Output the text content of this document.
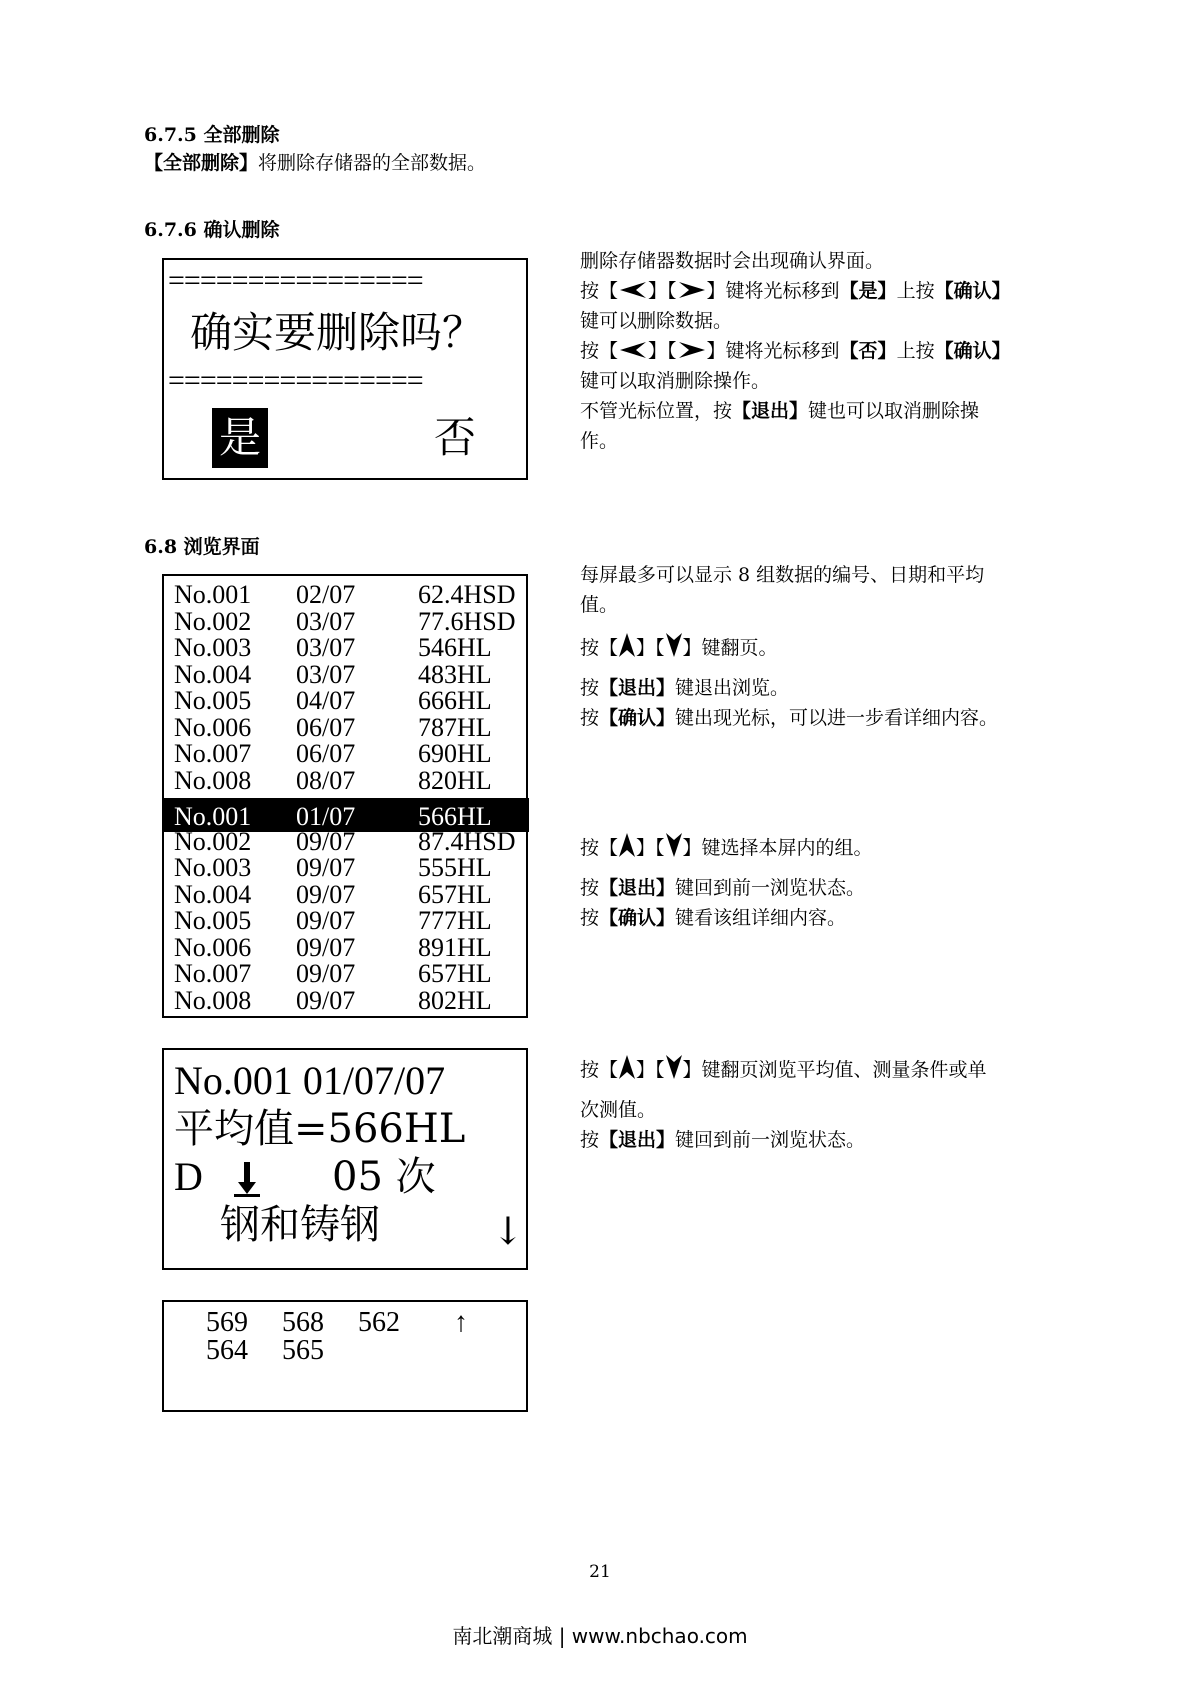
6.7.5 全部删除
【全部删除】将删除存储器的全部数据。
6.7.6 确认删除
================
确实要删除吗？
================
是	否
删除存储器数据时会出现确认界面。
按【 】【 】键将光标移到【是】上按【确认】
键可以删除数据。
按【 】【 】键将光标移到【否】上按【确认】
键可以取消删除操作。
不管光标位置，按【退出】键也可以取消删除操
作。
6.8 浏览界面
No.001 02/07 62.4HSD
No.002 03/07 77.6HSD
No.003 03/07 546HL
No.004 03/07 483HL
No.005 04/07 666HL
No.006 06/07 787HL
No.007 06/07 690HL
No.008 08/07 820HL
No.001 01/07 566HL
No.002 09/07 87.4HSD
No.003 09/07 555HL
No.004 09/07 657HL
No.005 09/07 777HL
No.006 09/07 891HL
No.007 09/07 657HL
No.008 09/07 802HL
每屏最多可以显示 8 组数据的编号、日期和平均
值。
按【 】【 】键翻页。
按【退出】键退出浏览。
按【确认】键出现光标，可以进一步看详细内容。
按【 】【 】键选择本屏内的组。
按【退出】键回到前一浏览状态。
按【确认】键看该组详细内容。
No.001 01/07/07
平均值=566HL
D	05 次
钢和铸钢	↓
569 568 562
564 565
↑
按【 】【 】键翻页浏览平均值、测量条件或单
次测值。
按【退出】键回到前一浏览状态。
21
南北潮商城 | www.nbchao.com
